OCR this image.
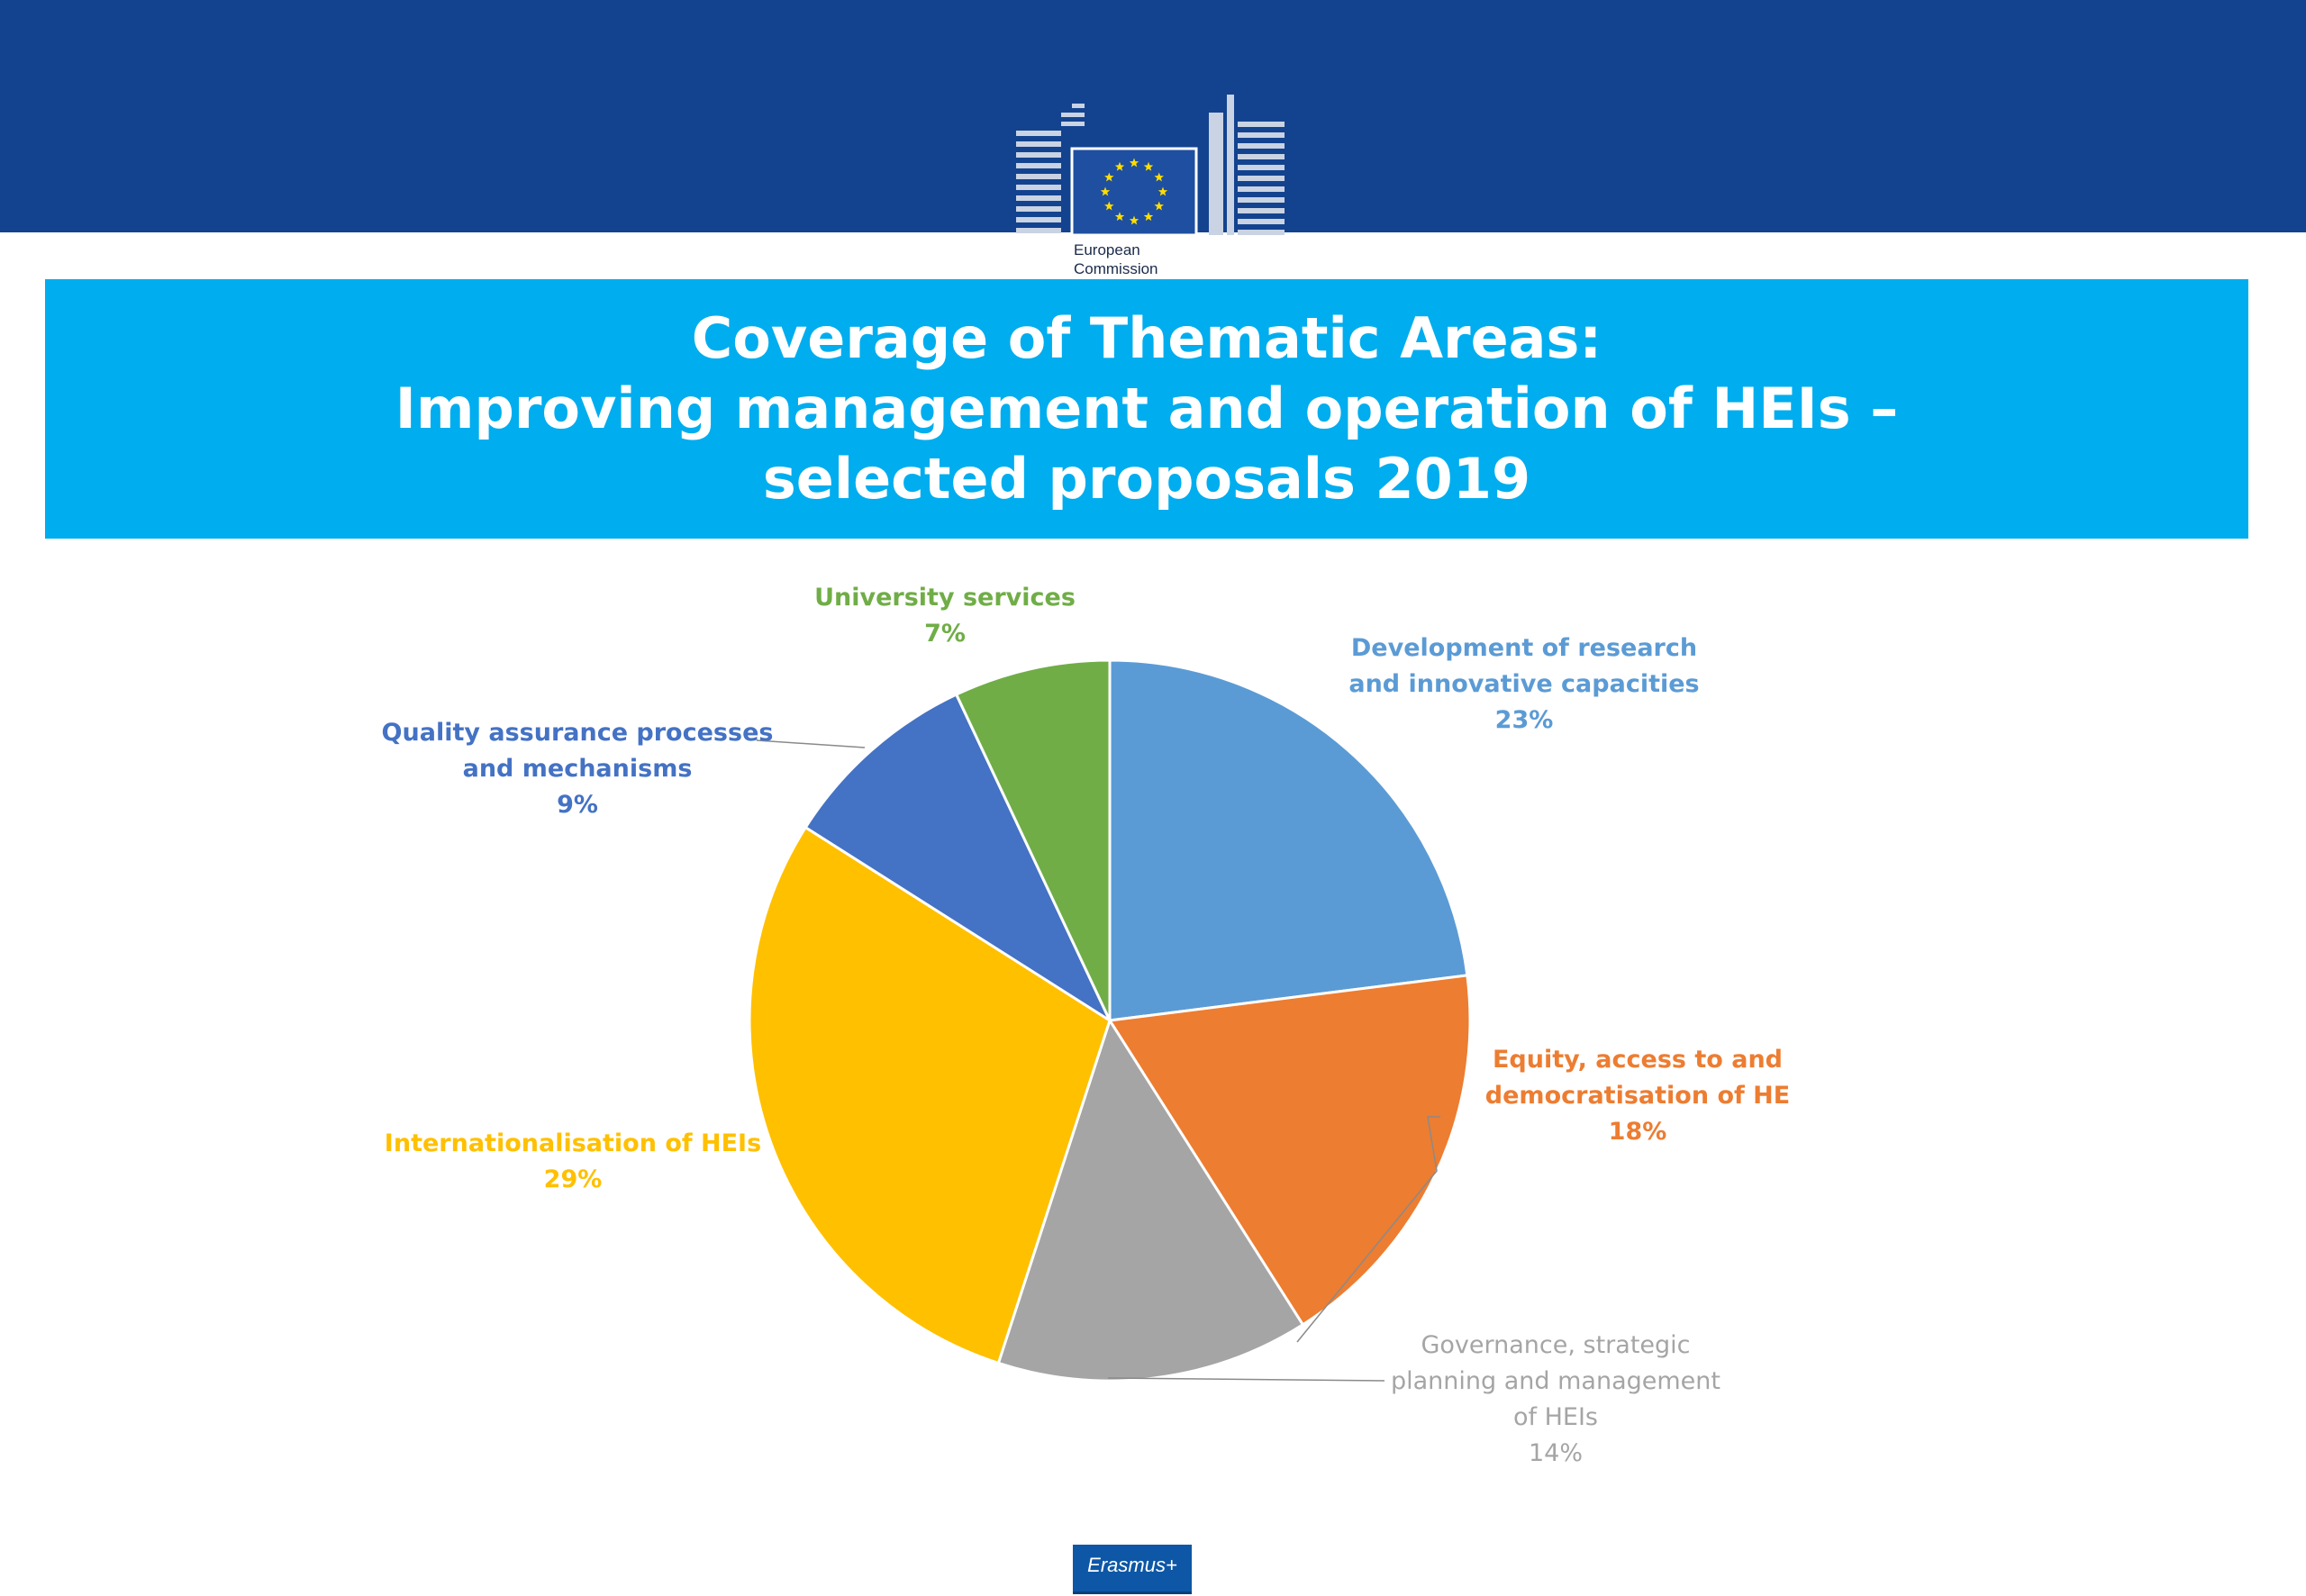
European
Commission
Coverage of Thematic Areas:
Improving management and operation of HEIs –
selected proposals 2019
Development of research and innovative capacities 23%
Equity, access to and democratisation of HE 18%
Governance, strategic planning and management of HEIs 14%
Internationalisation of HEIs 29%
Quality assurance processes and mechanisms 9%
University services 7%
Erasmus+
